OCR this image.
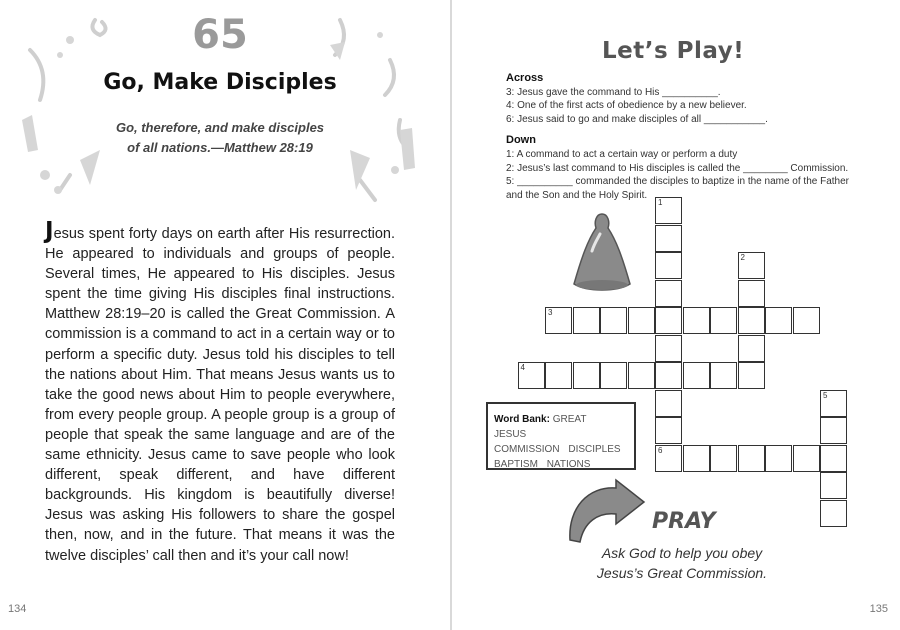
65
Go, Make Disciples
Go, therefore, and make disciples
of all nations.—Matthew 28:19
Jesus spent forty days on earth after His resurrection. He appeared to individuals and groups of people. Several times, He appeared to His disciples. Jesus spent the time giving His disciples final instructions. Matthew 28:19–20 is called the Great Commission. A commission is a command to act in a certain way or to perform a specific duty. Jesus told his disciples to tell the nations about Him. That means Jesus wants us to take the good news about Him to people everywhere, from every people group. A people group is a group of people that speak the same language and are of the same ethnicity. Jesus came to save people who look different, speak different, and have different backgrounds. His kingdom is beautifully diverse! Jesus was asking His followers to share the gospel then, now, and in the future. That means it was the twelve disciples’ call then and it’s your call now!
134
Let’s Play!
Across
3: Jesus gave the command to His __________.
4: One of the first acts of obedience by a new believer.
6: Jesus said to go and make disciples of all ___________.
Down
1: A command to act a certain way or perform a duty
2: Jesus’s last command to His disciples is called the ________ Commission.
5: __________ commanded the disciples to baptize in the name of the Father
and the Son and the Holy Spirit.
1
6
2
3
4
5
Word Bank: GREAT JESUS
COMMISSION DISCIPLES
BAPTISM NATIONS
PRAY
Ask God to help you obey
Jesus’s Great Commission.
135
